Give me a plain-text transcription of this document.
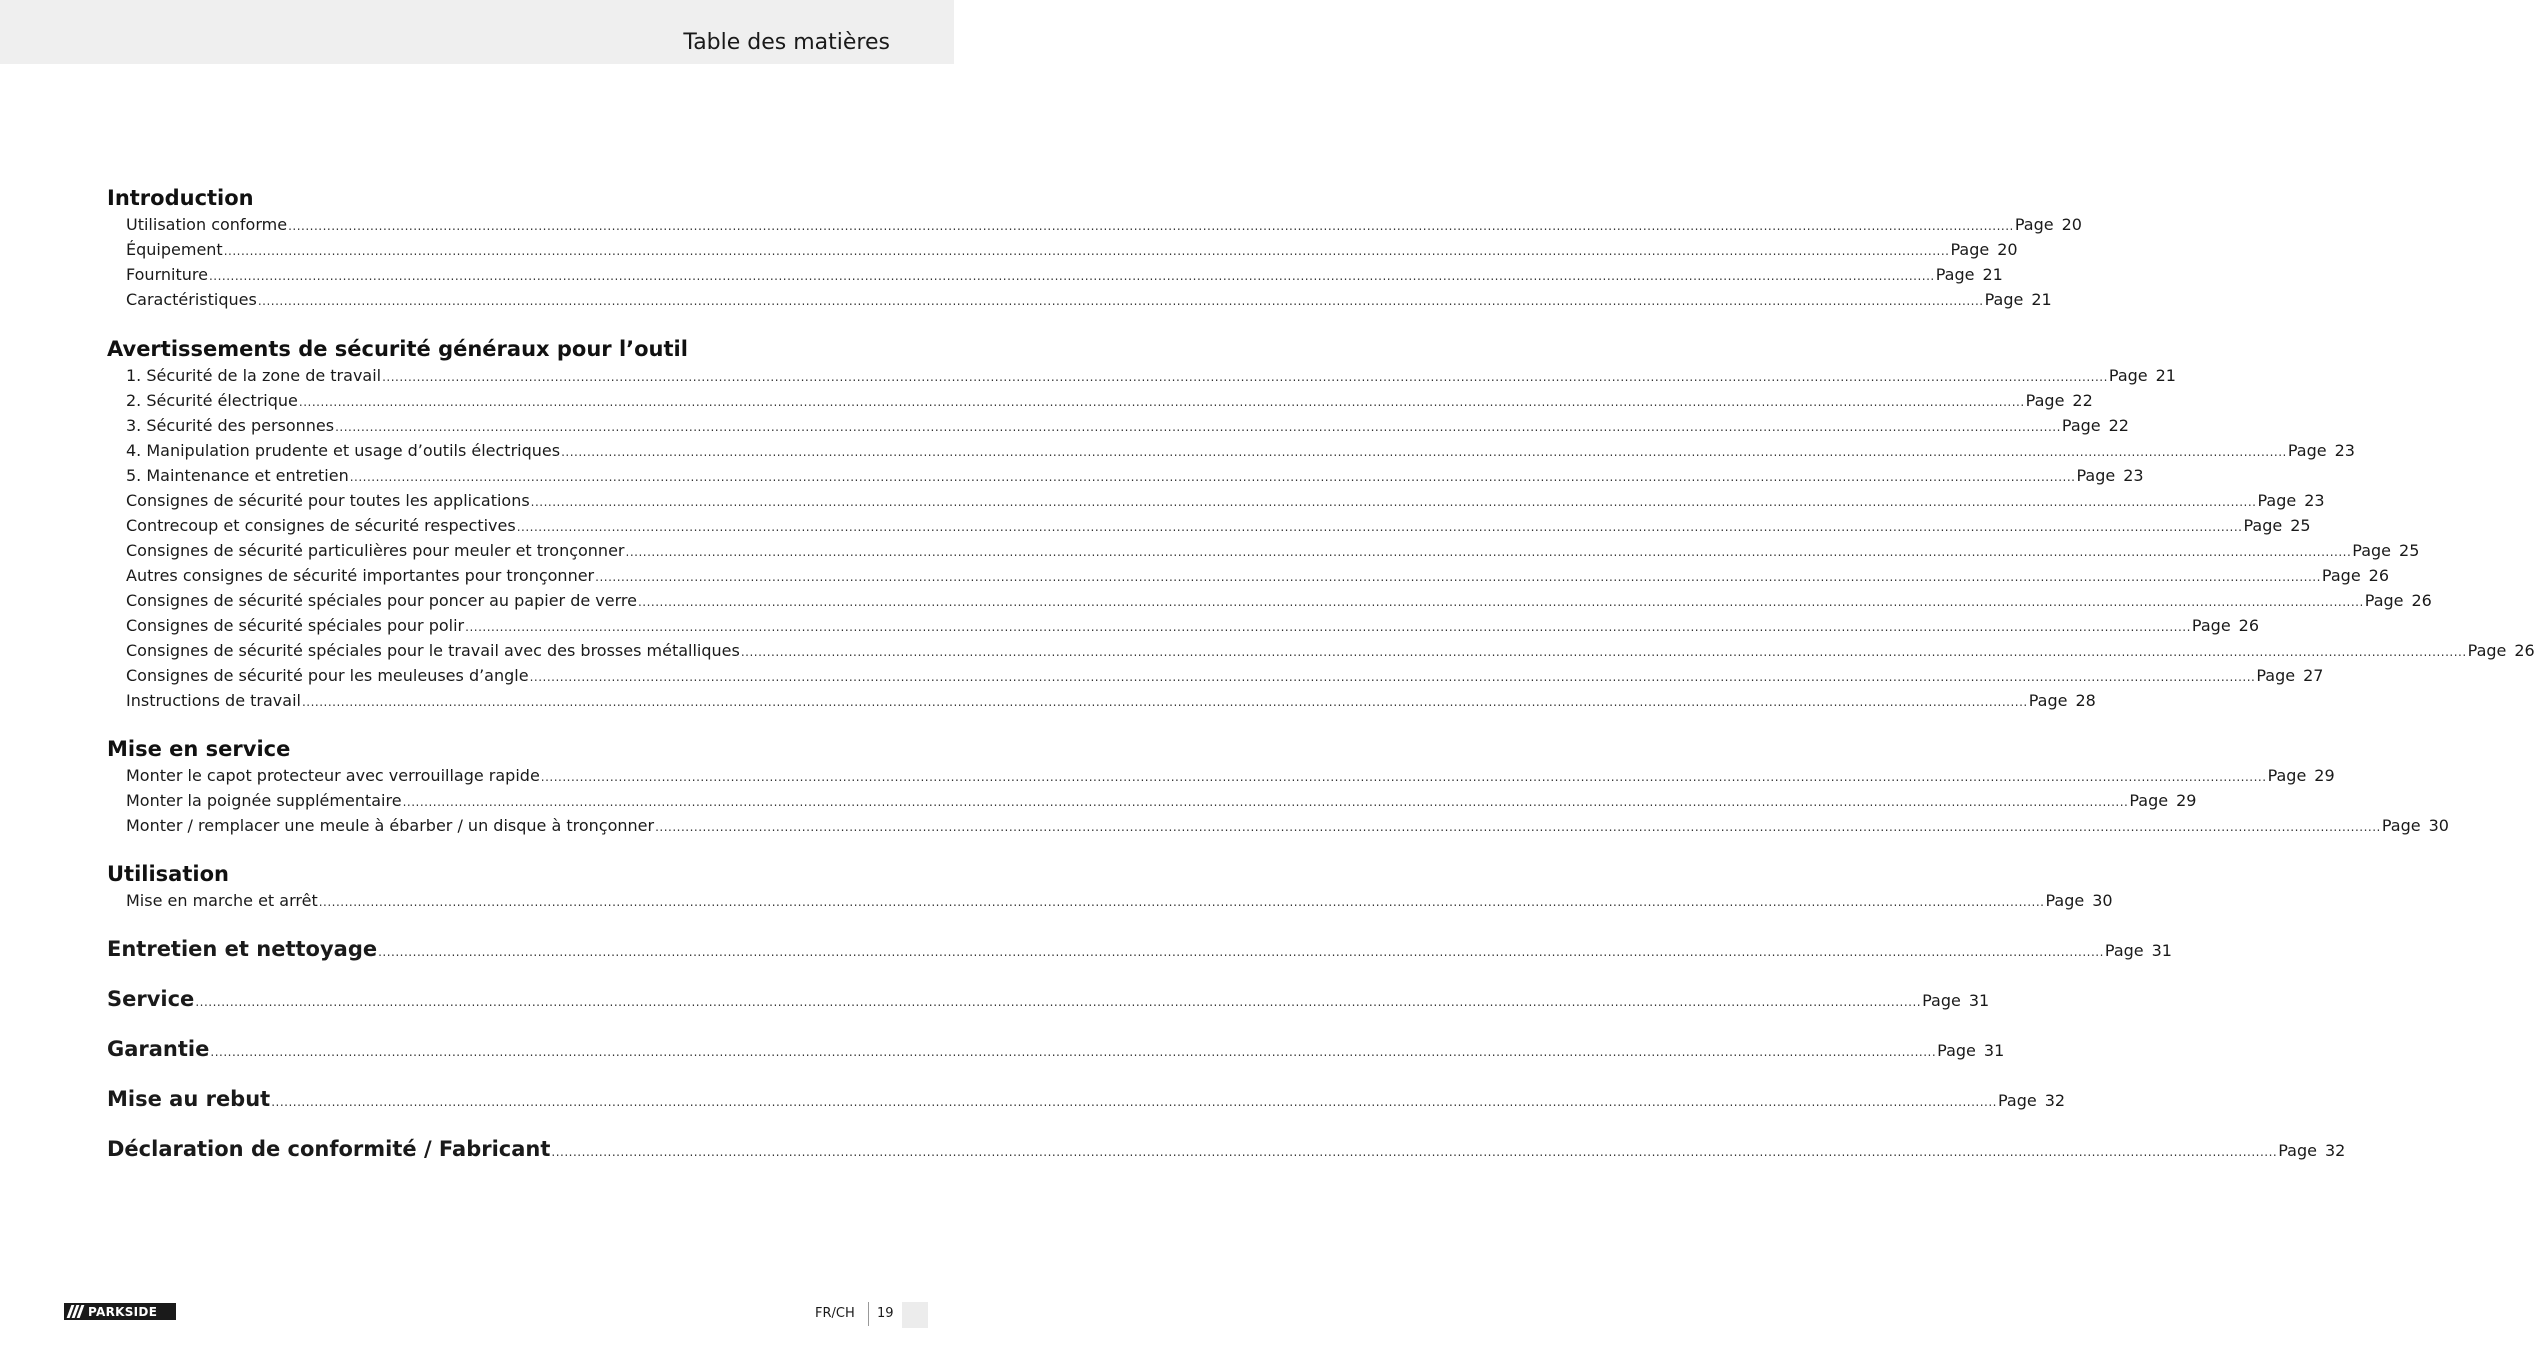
Table des matières
Introduction
Utilisation conforme ................................................................................................................................................................................................................................................................................................................................................................................................................ Page 20
Équipement ................................................................................................................................................................................................................................................................................................................................................................................................................ Page 20
Fourniture ................................................................................................................................................................................................................................................................................................................................................................................................................ Page 21
Caractéristiques ................................................................................................................................................................................................................................................................................................................................................................................................................ Page 21
Avertissements de sécurité généraux pour l’outil
1. Sécurité de la zone de travail ................................................................................................................................................................................................................................................................................................................................................................................................................ Page 21
2. Sécurité électrique ................................................................................................................................................................................................................................................................................................................................................................................................................ Page 22
3. Sécurité des personnes ................................................................................................................................................................................................................................................................................................................................................................................................................ Page 22
4. Manipulation prudente et usage d’outils électriques ................................................................................................................................................................................................................................................................................................................................................................................................................ Page 23
5. Maintenance et entretien ................................................................................................................................................................................................................................................................................................................................................................................................................ Page 23
Consignes de sécurité pour toutes les applications ................................................................................................................................................................................................................................................................................................................................................................................................................ Page 23
Contrecoup et consignes de sécurité respectives ................................................................................................................................................................................................................................................................................................................................................................................................................ Page 25
Consignes de sécurité particulières pour meuler et tronçonner ................................................................................................................................................................................................................................................................................................................................................................................................................ Page 25
Autres consignes de sécurité importantes pour tronçonner ................................................................................................................................................................................................................................................................................................................................................................................................................ Page 26
Consignes de sécurité spéciales pour poncer au papier de verre ................................................................................................................................................................................................................................................................................................................................................................................................................ Page 26
Consignes de sécurité spéciales pour polir ................................................................................................................................................................................................................................................................................................................................................................................................................ Page 26
Consignes de sécurité spéciales pour le travail avec des brosses métalliques ................................................................................................................................................................................................................................................................................................................................................................................................................ Page 26
Consignes de sécurité pour les meuleuses d’angle ................................................................................................................................................................................................................................................................................................................................................................................................................ Page 27
Instructions de travail ................................................................................................................................................................................................................................................................................................................................................................................................................ Page 28
Mise en service
Monter le capot protecteur avec verrouillage rapide ................................................................................................................................................................................................................................................................................................................................................................................................................ Page 29
Monter la poignée supplémentaire ................................................................................................................................................................................................................................................................................................................................................................................................................ Page 29
Monter / remplacer une meule à ébarber / un disque à tronçonner ................................................................................................................................................................................................................................................................................................................................................................................................................ Page 30
Utilisation
Mise en marche et arrêt ................................................................................................................................................................................................................................................................................................................................................................................................................ Page 30
Entretien et nettoyage ................................................................................................................................................................................................................................................................................................................................................................................................................ Page 31
Service ................................................................................................................................................................................................................................................................................................................................................................................................................ Page 31
Garantie ................................................................................................................................................................................................................................................................................................................................................................................................................ Page 31
Mise au rebut ................................................................................................................................................................................................................................................................................................................................................................................................................ Page 32
Déclaration de conformité / Fabricant ................................................................................................................................................................................................................................................................................................................................................................................................................ Page 32
PARKSIDE	FR/CH 19
